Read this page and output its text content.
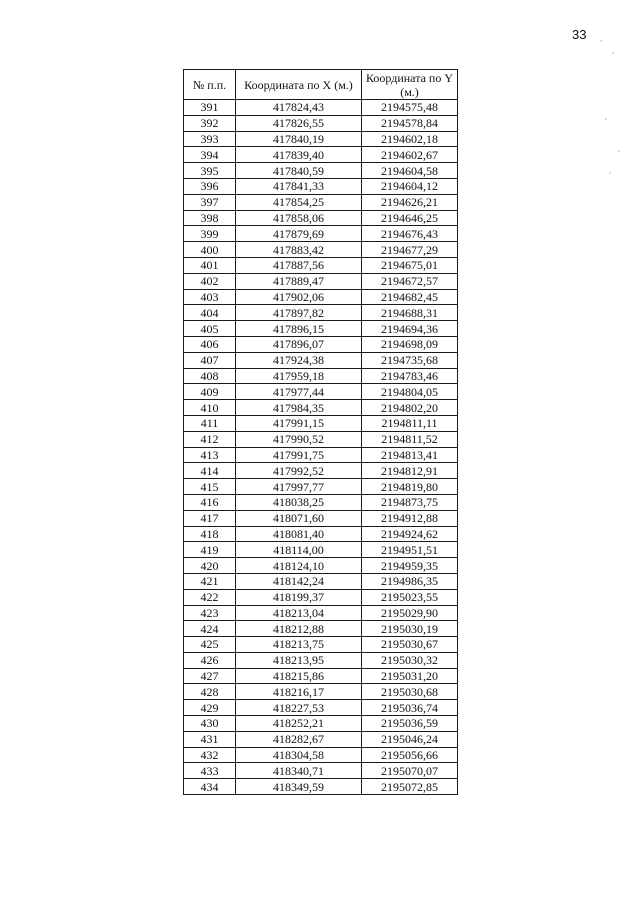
33
№ п.п.	Координата по X (м.)	Координата по Y (м.)
391	417824,43	2194575,48
392	417826,55	2194578,84
393	417840,19	2194602,18
394	417839,40	2194602,67
395	417840,59	2194604,58
396	417841,33	2194604,12
397	417854,25	2194626,21
398	417858,06	2194646,25
399	417879,69	2194676,43
400	417883,42	2194677,29
401	417887,56	2194675,01
402	417889,47	2194672,57
403	417902,06	2194682,45
404	417897,82	2194688,31
405	417896,15	2194694,36
406	417896,07	2194698,09
407	417924,38	2194735,68
408	417959,18	2194783,46
409	417977,44	2194804,05
410	417984,35	2194802,20
411	417991,15	2194811,11
412	417990,52	2194811,52
413	417991,75	2194813,41
414	417992,52	2194812,91
415	417997,77	2194819,80
416	418038,25	2194873,75
417	418071,60	2194912,88
418	418081,40	2194924,62
419	418114,00	2194951,51
420	418124,10	2194959,35
421	418142,24	2194986,35
422	418199,37	2195023,55
423	418213,04	2195029,90
424	418212,88	2195030,19
425	418213,75	2195030,67
426	418213,95	2195030,32
427	418215,86	2195031,20
428	418216,17	2195030,68
429	418227,53	2195036,74
430	418252,21	2195036,59
431	418282,67	2195046,24
432	418304,58	2195056,66
433	418340,71	2195070,07
434	418349,59	2195072,85
